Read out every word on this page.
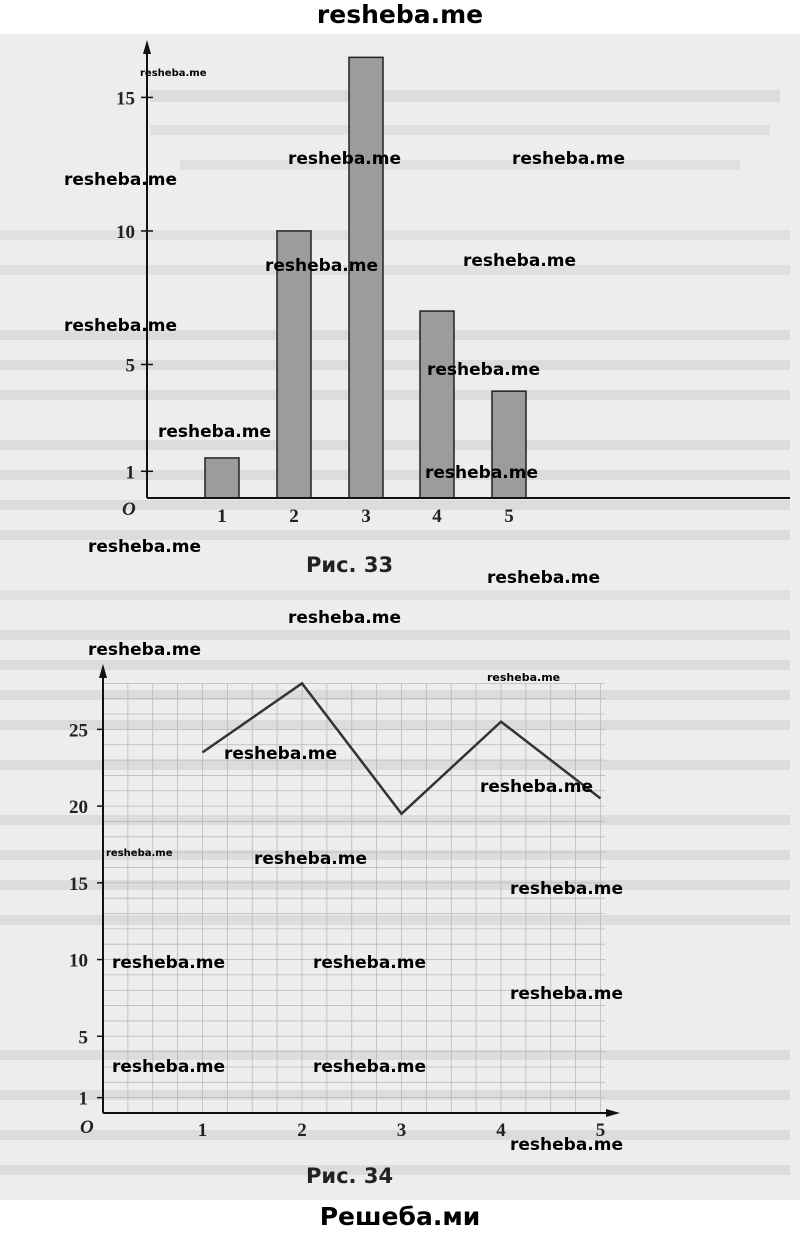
resheba.me
1
5
10
15
1	2	3	4	5
O
Рис. 33
1
5
10
15
20
25
1	2	3	4	5
O
Рис. 34
resheba.me
resheba.me	resheba.me
resheba.me
resheba.me	resheba.me
resheba.me
resheba.me
resheba.me
resheba.me
resheba.me
resheba.me
resheba.me
resheba.me
resheba.me
resheba.me
resheba.me
resheba.me	resheba.me
resheba.me
resheba.me	resheba.me
resheba.me
resheba.me	resheba.me
resheba.me
Решеба.ми
